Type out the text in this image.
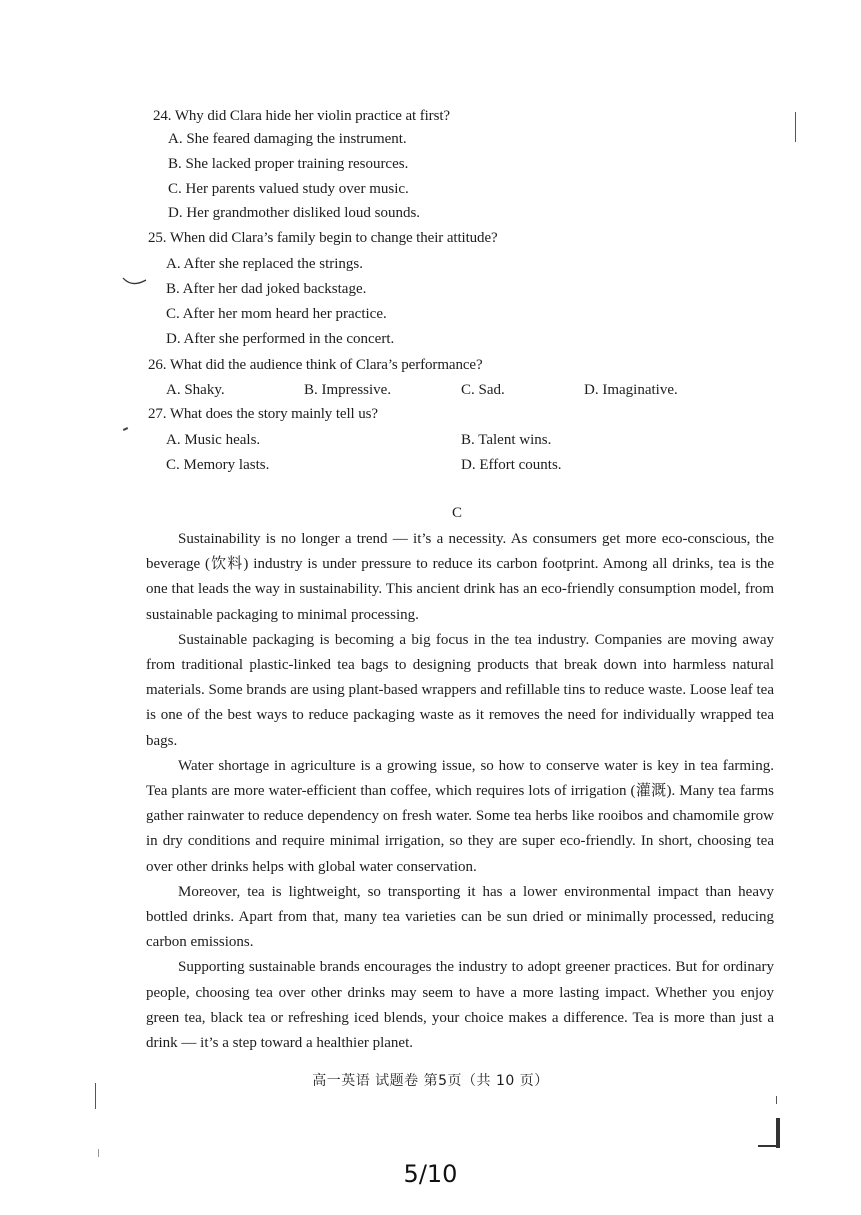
24. Why did Clara hide her violin practice at first?
A. She feared damaging the instrument.
B. She lacked proper training resources.
C. Her parents valued study over music.
D. Her grandmother disliked loud sounds.
25. When did Clara’s family begin to change their attitude?
A. After she replaced the strings.
B. After her dad joked backstage.
C. After her mom heard her practice.
D. After she performed in the concert.
26. What did the audience think of Clara’s performance?
A. Shaky.	B. Impressive.	C. Sad.	D. Imaginative.
27. What does the story mainly tell us?
A. Music heals.	B. Talent wins.
C. Memory lasts.	D. Effort counts.
C

Sustainability is no longer a trend — it’s a necessity. As consumers get more eco-conscious, the beverage (饮料) industry is under pressure to reduce its carbon footprint. Among all drinks, tea is the one that leads the way in sustainability. This ancient drink has an eco-friendly consumption model, from sustainable packaging to minimal processing.

Sustainable packaging is becoming a big focus in the tea industry. Companies are moving away from traditional plastic-linked tea bags to designing products that break down into harmless natural materials. Some brands are using plant-based wrappers and refillable tins to reduce waste. Loose leaf tea is one of the best ways to reduce packaging waste as it removes the need for individually wrapped tea bags.

Water shortage in agriculture is a growing issue, so how to conserve water is key in tea farming. Tea plants are more water-efficient than coffee, which requires lots of irrigation (灌溉). Many tea farms gather rainwater to reduce dependency on fresh water. Some tea herbs like rooibos and chamomile grow in dry conditions and require minimal irrigation, so they are super eco-friendly. In short, choosing tea over other drinks helps with global water conservation.

Moreover, tea is lightweight, so transporting it has a lower environmental impact than heavy bottled drinks. Apart from that, many tea varieties can be sun dried or minimally processed, reducing carbon emissions.

Supporting sustainable brands encourages the industry to adopt greener practices. But for ordinary people, choosing tea over other drinks may seem to have a more lasting impact. Whether you enjoy green tea, black tea or refreshing iced blends, your choice makes a difference. Tea is more than just a drink — it’s a step toward a healthier planet.

高一英语 试题卷 第5页（共 10 页）
5/10
